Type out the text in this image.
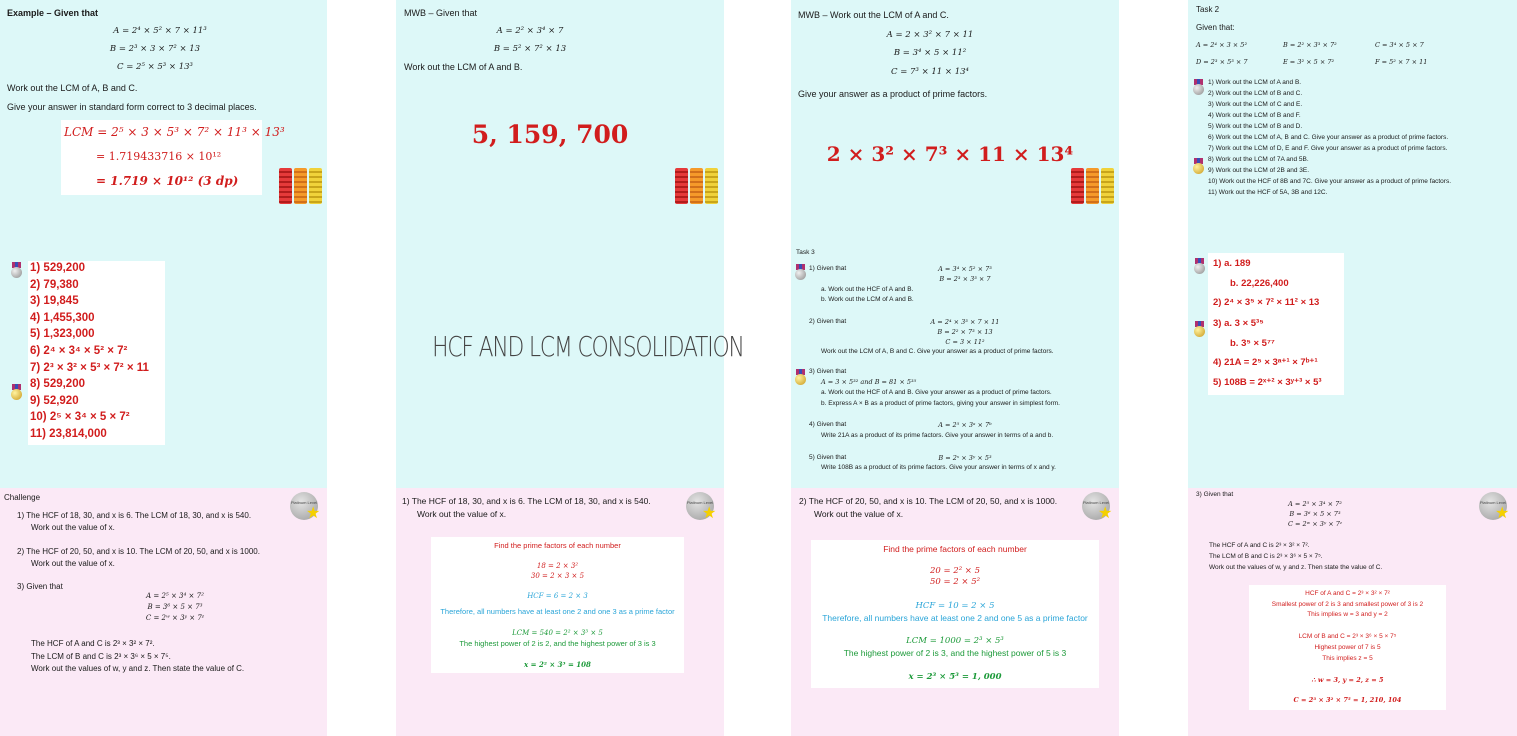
Example – Given that
A = 2⁴ × 5² × 7 × 11³
B = 2³ × 3 × 7² × 13
C = 2⁵ × 5³ × 13³
Work out the LCM of A, B and C.
Give your answer in standard form correct to 3 decimal places.
LCM = 2⁵ × 3 × 5³ × 7² × 11³ × 13³
= 1.719433716 × 10¹²
= 1.719 × 10¹² (3 dp)
1) 529,200
2) 79,380
3) 19,845
4) 1,455,300
5) 1,323,000
6) 2⁴ × 3⁴ × 5² × 7²
7) 2³ × 3² × 5³ × 7² × 11
8) 529,200
9) 52,920
10) 2⁵ × 3⁴ × 5 × 7²
11) 23,814,000
Challenge
Platinum Level
★
1) The HCF of 18, 30, and x is 6. The LCM of 18, 30, and x is 540.
Work out the value of x.
2) The HCF of 20, 50, and x is 10. The LCM of 20, 50, and x is 1000.
Work out the value of x.
3) Given that
A = 2⁵ × 3⁴ × 7²
B = 3⁶ × 5 × 7³
C = 2ʷ × 3ʸ × 7ᶻ
The HCF of A and C is 2³ × 3² × 7².
The LCM of B and C is 2³ × 3⁶ × 5 × 7⁵.
Work out the values of w, y and z. Then state the value of C.
MWB – Given that
A = 2² × 3⁴ × 7
B = 5² × 7² × 13
Work out the LCM of A and B.
5, 159, 700
HCF AND LCM CONSOLIDATION
1) The HCF of 18, 30, and x is 6. The LCM of 18, 30, and x is 540.
Work out the value of x.
Platinum Level
★
Find the prime factors of each number
18 = 2 × 3²
30 = 2 × 3 × 5
HCF = 6 = 2 × 3
Therefore, all numbers have at least one 2 and one 3 as a prime factor
LCM = 540 = 2² × 3³ × 5
The highest power of 2 is 2, and the highest power of 3 is 3
x = 2² × 3³ = 108
MWB – Work out the LCM of A and C.
A = 2 × 3² × 7 × 11
B = 3⁴ × 5 × 11²
C = 7³ × 11 × 13⁴
Give your answer as a product of prime factors.
2 × 3² × 7³ × 11 × 13⁴
Task 3
1) Given that	A = 3⁴ × 5² × 7³
B = 2³ × 3³ × 7
a. Work out the HCF of A and B.
b. Work out the LCM of A and B.
2) Given that	A = 2⁴ × 3³ × 7 × 11
B = 2² × 7³ × 13
C = 3 × 11²
Work out the LCM of A, B and C. Give your answer as a product of prime factors.
3) Given that
A = 3 × 5³² and B = 81 × 5³⁵
a. Work out the HCF of A and B. Give your answer as a product of prime factors.
b. Express A × B as a product of prime factors, giving your answer in simplest form.
4) Given that	A = 2⁵ × 3ᵃ × 7ᵇ
Write 21A as a product of its prime factors. Give your answer in terms of a and b.
5) Given that	B = 2ˣ × 3ʸ × 5³
Write 108B as a product of its prime factors. Give your answer in terms of x and y.
2) The HCF of 20, 50, and x is 10. The LCM of 20, 50, and x is 1000.
Work out the value of x.
Platinum Level
★
Find the prime factors of each number
20 = 2² × 5
50 = 2 × 5²
HCF = 10 = 2 × 5
Therefore, all numbers have at least one 2 and one 5 as a prime factor
LCM = 1000 = 2³ × 5³
The highest power of 2 is 3, and the highest power of 5 is 3
x = 2³ × 5³ = 1, 000
Task 2
Given that:
A = 2⁴ × 3 × 5²	B = 2² × 3³ × 7²	C = 3⁴ × 5 × 7
D = 2³ × 5³ × 7	E = 3² × 5 × 7²	F = 5² × 7 × 11
1) Work out the LCM of A and B.
2) Work out the LCM of B and C.
3) Work out the LCM of C and E.
4) Work out the LCM of B and F.
5) Work out the LCM of B and D.
6) Work out the LCM of A, B and C. Give your answer as a product of prime factors.
7) Work out the LCM of D, E and F. Give your answer as a product of prime factors.
8) Work out the LCM of 7A and 5B.
9) Work out the LCM of 2B and 3E.
10) Work out the HCF of 8B and 7C. Give your answer as a product of prime factors.
11) Work out the HCF of 5A, 3B and 12C.
1) a. 189
b. 22,226,400
2) 2⁴ × 3⁵ × 7² × 11² × 13
3) a. 3 × 5³⁵
b. 3⁵ × 5⁷⁷
4) 21A = 2⁵ × 3ᵃ⁺¹ × 7ᵇ⁺¹
5) 108B = 2ˣ⁺² × 3ʸ⁺³ × 5³
3) Given that
Platinum Level
★
A = 2⁵ × 3⁴ × 7²
B = 3⁶ × 5 × 7³
C = 2ʷ × 3ʸ × 7ᶻ
The HCF of A and C is 2³ × 3² × 7².
The LCM of B and C is 2³ × 3⁶ × 5 × 7⁵.
Work out the values of w, y and z. Then state the value of C.
HCF of A and C = 2³ × 3² × 7²
Smallest power of 2 is 3 and smallest power of 3 is 2
This implies w = 3 and y = 2
LCM of B and C = 2³ × 3⁶ × 5 × 7⁵
Highest power of 7 is 5
This implies z = 5
∴ w = 3, y = 2, z = 5
C = 2³ × 3² × 7⁵ = 1, 210, 104
